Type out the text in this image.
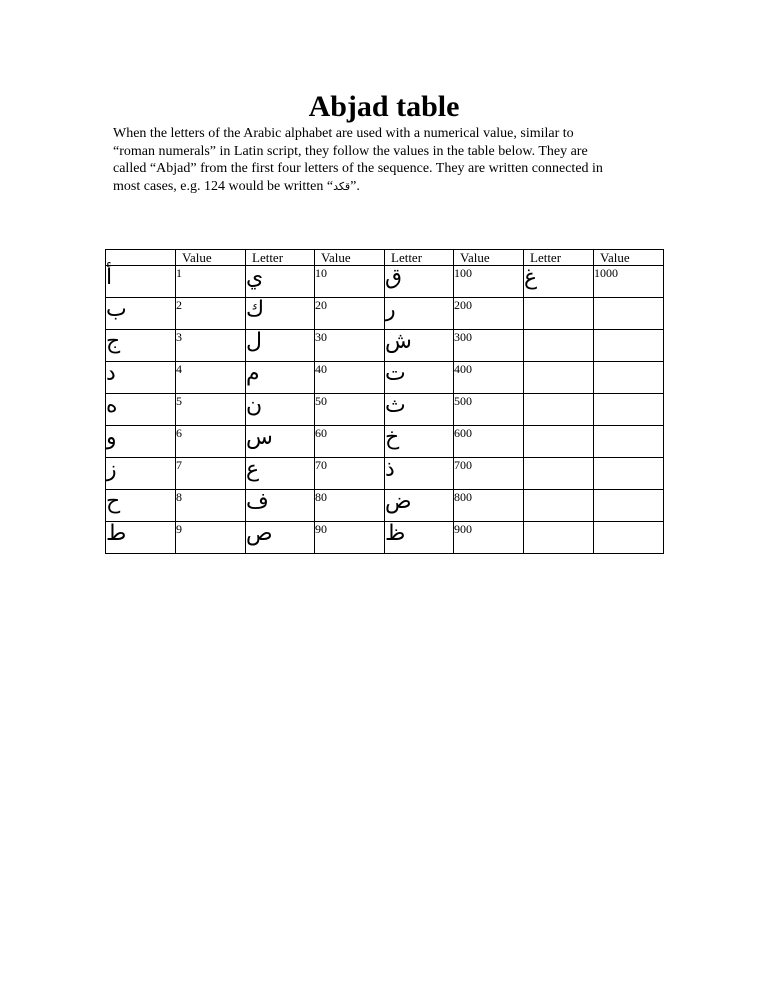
Abjad table

When the letters of the Arabic alphabet are used with a numerical value, similar to

“roman numerals” in Latin script, they follow the values in the table below. They are

called “Abjad” from the first four letters of the sequence. They are written connected in

most cases, e.g. 124 would be written “قكد”.

	Value	Letter	Value	Letter	Value	Letter	Value
أ	1	ي	10	ق	100	غ	1000
ب	2	ك	20	ر	200		
ج	3	ل	30	ش	300		
د	4	م	40	ت	400		
ه	5	ن	50	ث	500		
و	6	س	60	خ	600		
ز	7	ع	70	ذ	700		
ح	8	ف	80	ض	800		
ط	9	ص	90	ظ	900		
